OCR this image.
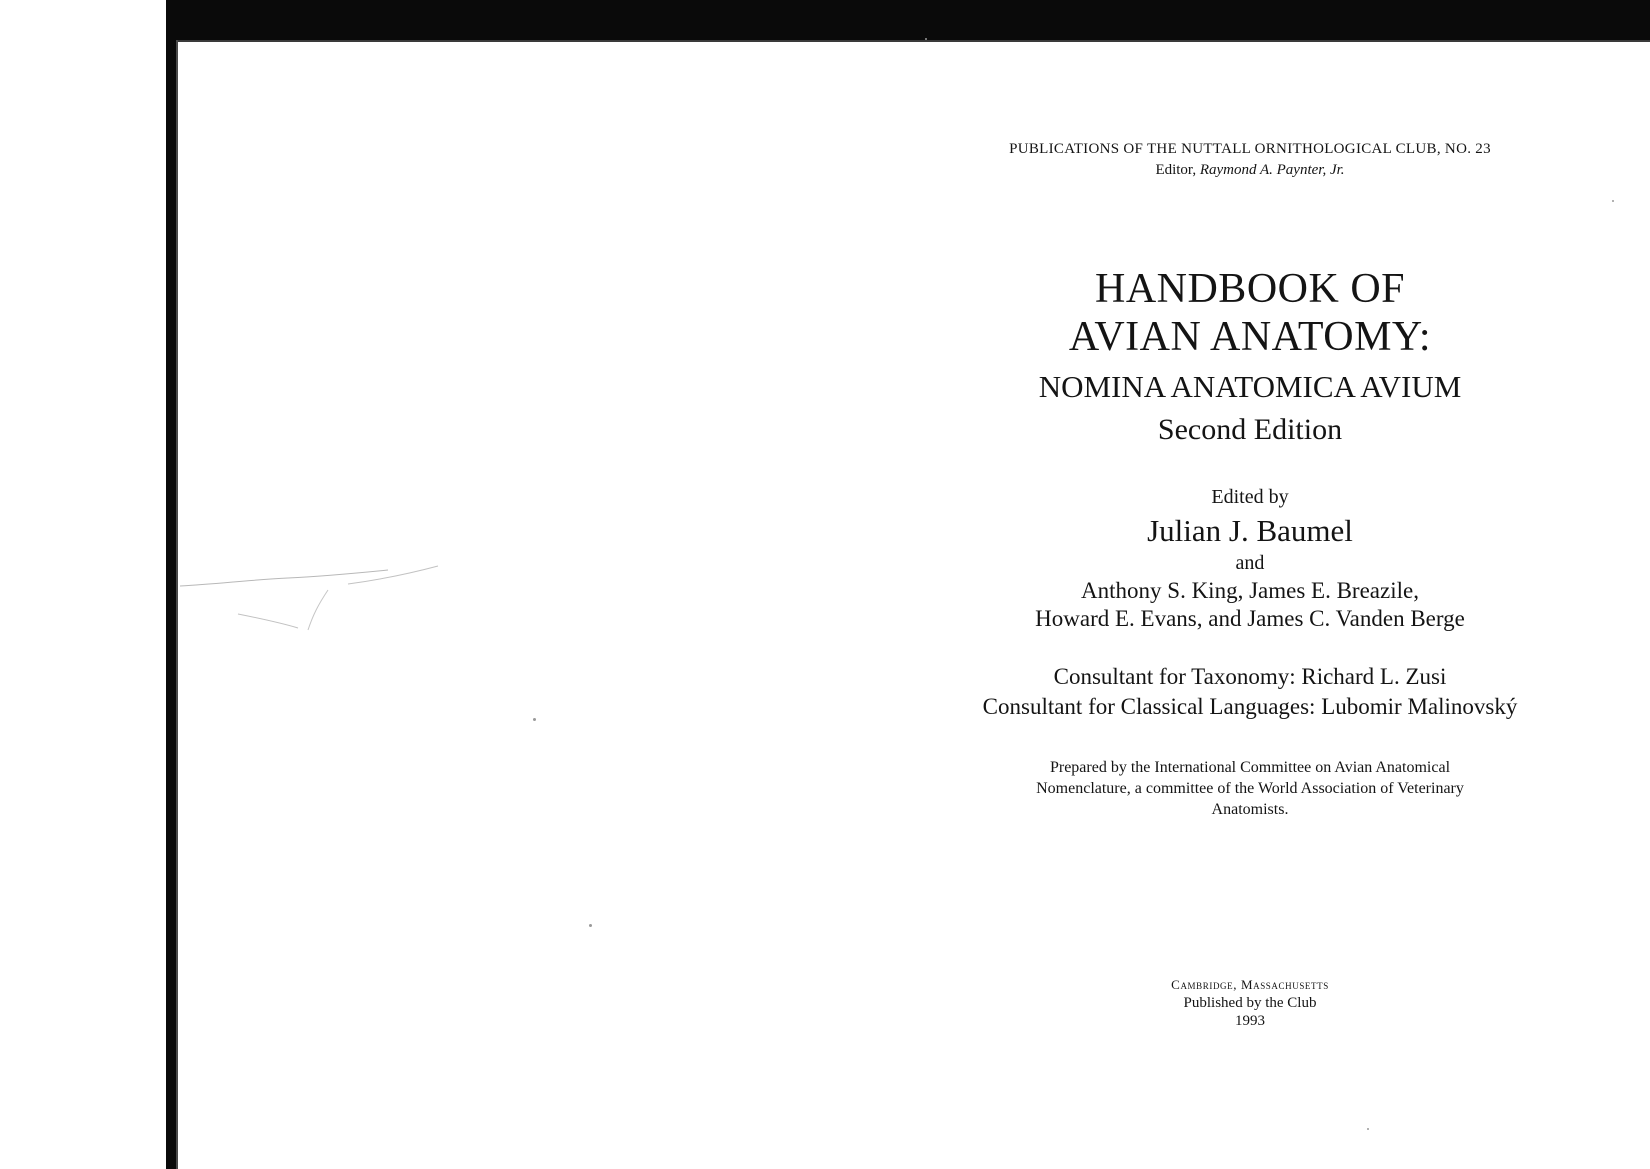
PUBLICATIONS OF THE NUTTALL ORNITHOLOGICAL CLUB, NO. 23
Editor, Raymond A. Paynter, Jr.
HANDBOOK OF
AVIAN ANATOMY:
NOMINA ANATOMICA AVIUM
Second Edition
Edited by
Julian J. Baumel
and
Anthony S. King, James E. Breazile,
Howard E. Evans, and James C. Vanden Berge
Consultant for Taxonomy: Richard L. Zusi
Consultant for Classical Languages: Lubomir Malinovský
Prepared by the International Committee on Avian Anatomical Nomenclature, a committee of the World Association of Veterinary Anatomists.
Cambridge, Massachusetts
Published by the Club
1993
